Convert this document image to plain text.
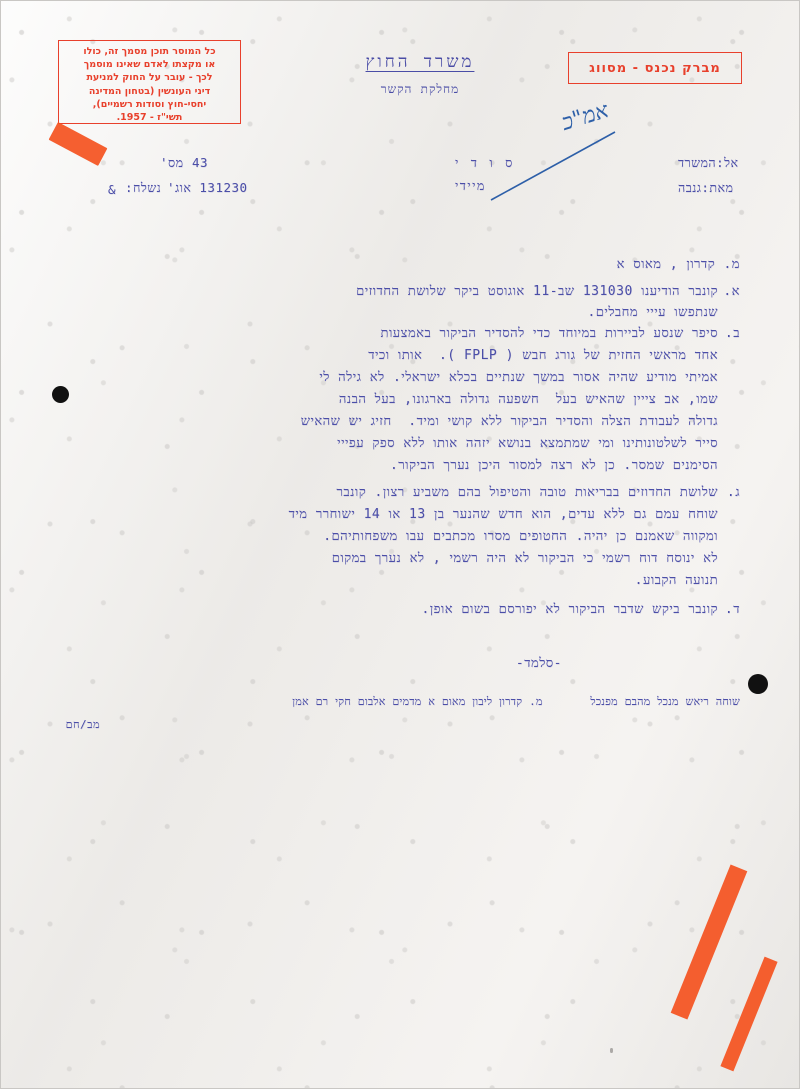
כל המוסר תוכן מסמך זה, כולו
או מקצתו לאדם שאינו מוסמך
לכך - עובר על החוק למניעת
דיני העונשין (בטחון המדינה
יחסי-חוץ וסודות רשמיים),
תשי"ז - 1957.
משרד החוץ
מחלקת הקשר
מברק נכנס - מסווג
אמ"כ
מס' 43
נשלח: 131230 אוג'
&
ס ו ד י
מיידי
אל:המשרד
מאת:גנבה
מ. קדרון , מאוס א
א.
קונבר הודיענו 131030 שב-11 אוגוסט ביקר שלושת החדוזים
שנתפשו עייי מחבלים.
ב.
סיפר שנסע לביירות במיוחד כדי להסדיר הביקור באמצעות
אחד מראשי החזית של גורג חבש ( FPLP ).  אותו וכיד
אמיתי מודיע שהיה אסור במשך שנתיים בכלא ישראלי. לא גילה לי
שמו, אב צייין שהאיש בעל  חשפעה גדולה בארגונו, בעל הבנה
גדולה לעבודת הצלה והסדיר הביקור ללא קושי ומיד.  חזיג יש שהאיש
סייר לשלטונותינו ומי שמתמצא בנושא יזהה אותו ללא ספק עפייי
הסימנים שמסר. כן לא רצה למסור היכן נערך הביקור.
ג.
שלושת החדוזים בבריאות טובה והטיפול בהם משביע רצון. קונבר
שוחח עמם גם ללא עדים, הוא חדש שהנער בן 13 או 14 ישוחרר מיד
ומקווה שאמנם כן יהיה. החטופים מסרו מכתבים עבו משפחותיהם.
לא ינוסח דוח רשמי כי הביקור לא היה רשמי , לא נערך במקום
תנועה הקבוע.
ד.
קונבר ביקש שדבר הביקור לא יפורסם בשום אופן.
-סלמד-
שוחה ריאש מנכל מהבם מפנכל       מ. קדרון ליבון מאום א מדמים אלבום חקי רם אמן
מב/חם
